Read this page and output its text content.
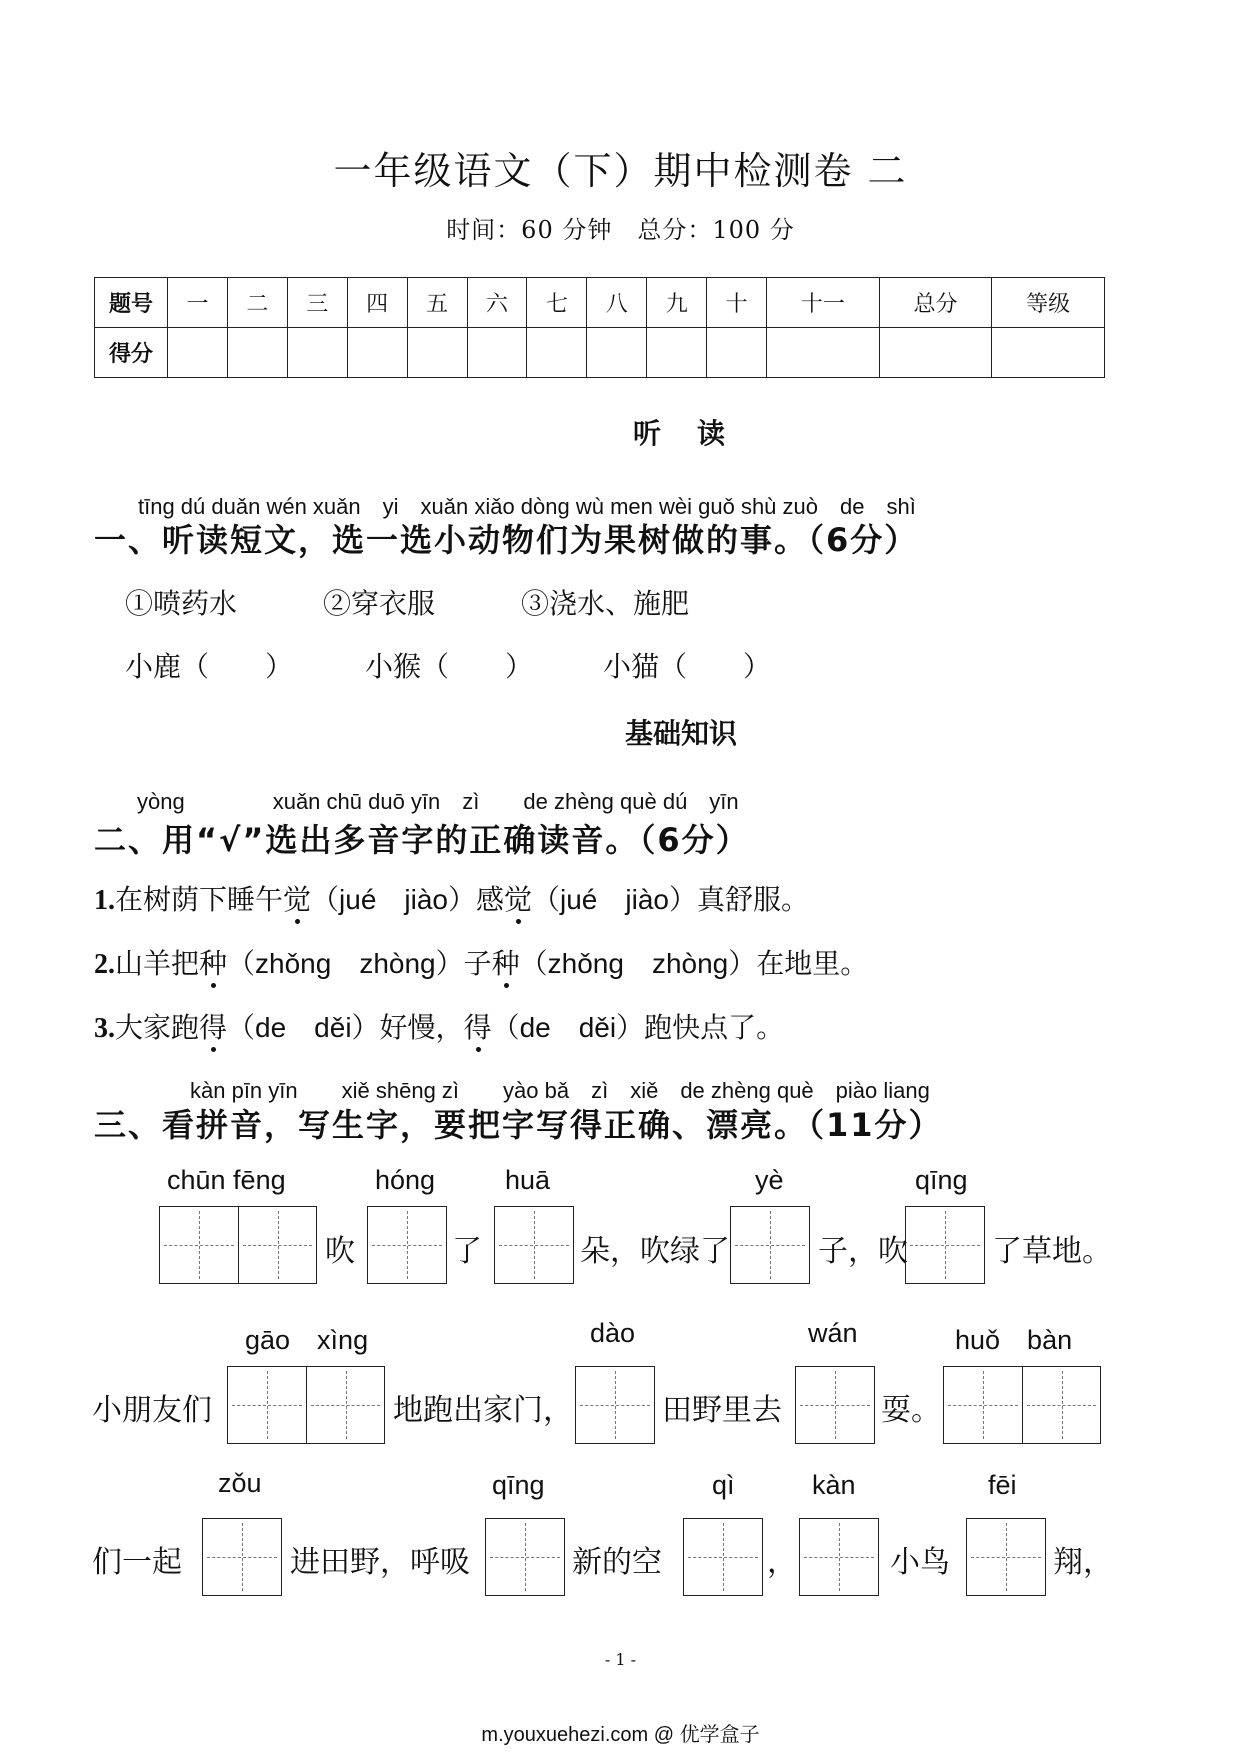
一年级语文（下）期中检测卷 二
时间：60 分钟　总分：100 分
题号	一	二	三	四	五	六	七	八	九	十	十一	总分	等级
得分													
听　读
tīng dú duǎn wén xuǎn　yi　xuǎn xiǎo dòng wù men wèi guǒ shù zuò　de　shì
一、听读短文，选一选小动物们为果树做的事。（6分）
①喷药水	②穿衣服	③浇水、施肥
小鹿（　　）	小猴（　　） 小猫（　　）
基础知识
yòng　　　　xuǎn chū duō yīn　zì　　de zhèng què dú　yīn
二、用“√”选出多音字的正确读音。（6分）
1.在树荫下睡午觉（jué　jiào）感觉（jué　jiào）真舒服。
2.山羊把种（zhǒng　zhòng）子种（zhǒng　zhòng）在地里。
3.大家跑得（de　děi）好慢，得（de　děi）跑快点了。
kàn pīn yīn　　xiě shēng zì　　yào bǎ　zì　xiě　de zhèng què　piào liang
三、看拼音，写生字，要把字写得正确、漂亮。（11分）
chūn fēng
吹
hóng
了
huā
朵，吹绿了
yè
子，吹
qīng
了草地。
小朋友们
gāo　xìng
地跑出家门，
dào
田野里去
wán
耍。
huǒ　bàn
们一起
zǒu
进田野，呼吸
qīng
新的空
qì
，
kàn
小鸟
fēi
翔，
- 1 -
m.youxuehezi.com @ 优学盒子
